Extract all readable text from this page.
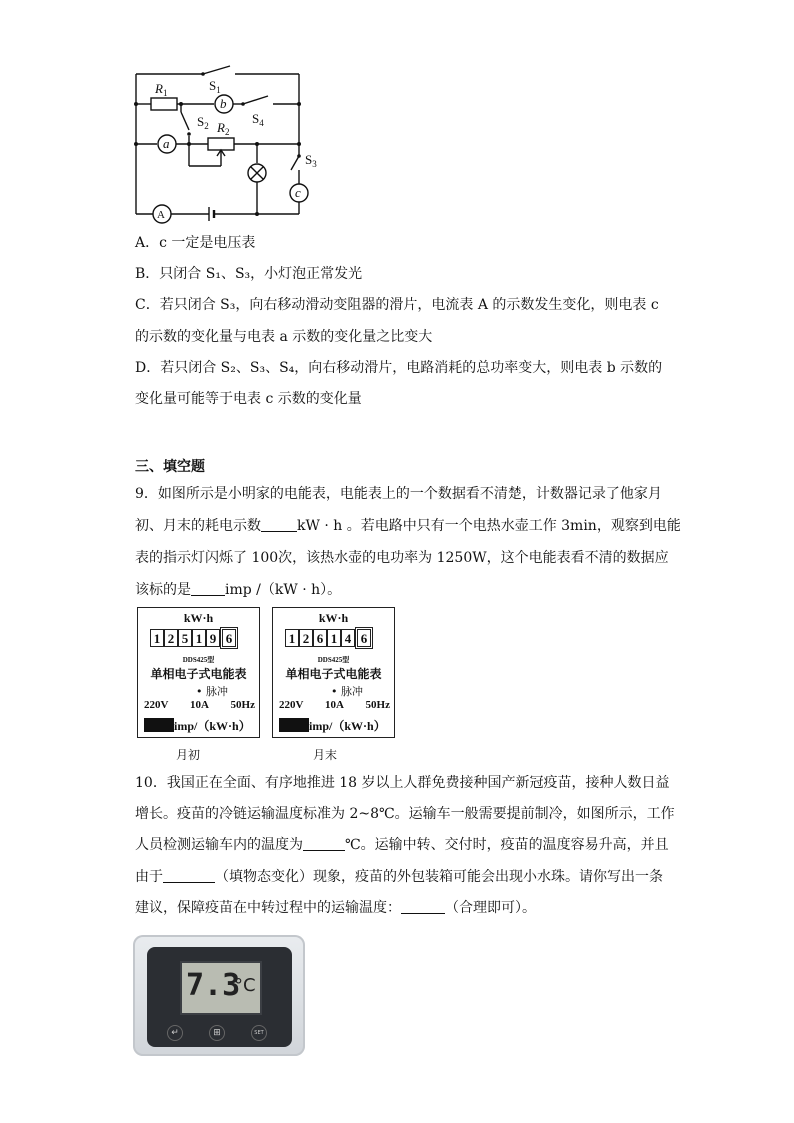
$S_1$
$R_1$
b
$S_4$
$S_2$ $R_2$
a
$S_3$
c
A
A．c 一定是电压表
B．只闭合 S₁、S₃，小灯泡正常发光
C．若只闭合 S₃，向右移动滑动变阻器的滑片，电流表 A 的示数发生变化，则电表 c
的示数的变化量与电表 a 示数的变化量之比变大
D．若只闭合 S₂、S₃、S₄，向右移动滑片，电路消耗的总功率变大，则电表 b 示数的
变化量可能等于电表 c 示数的变化量
三、填空题
9．如图所示是小明家的电能表，电能表上的一个数据看不清楚，计数器记录了他家月
初、月末的耗电示数	kW · h 。若电路中只有一个电热水壶工作 3min，观察到电能
表的指示灯闪烁了 100次，该热水壶的电功率为 1250W，这个电能表看不清的数据应
该标的是 imp /（kW · h）。
kW·h
1 2 5 1 9 6
DDS425型
单相电子式电能表
• 脉冲
220V 10A 50Hz
imp/（kW·h）
月初
kW·h
1 2 6 1 4 6
DDS425型
单相电子式电能表
• 脉冲
220V 10A 50Hz
imp/（kW·h）
月末
10．我国正在全面、有序地推进 18 岁以上人群免费接种国产新冠疫苗，接种人数日益
增长。疫苗的冷链运输温度标准为 2~8℃。运输车一般需要提前制冷，如图所示，工作
人员检测运输车内的温度为	℃。运输中转、交付时，疫苗的温度容易升高，并且
由于	（填物态变化）现象，疫苗的外包装箱可能会出现小水珠。请你写出一条
建议，保障疫苗在中转过程中的运输温度：	（合理即可）。
7.3
°C
↵	⊞	SET
